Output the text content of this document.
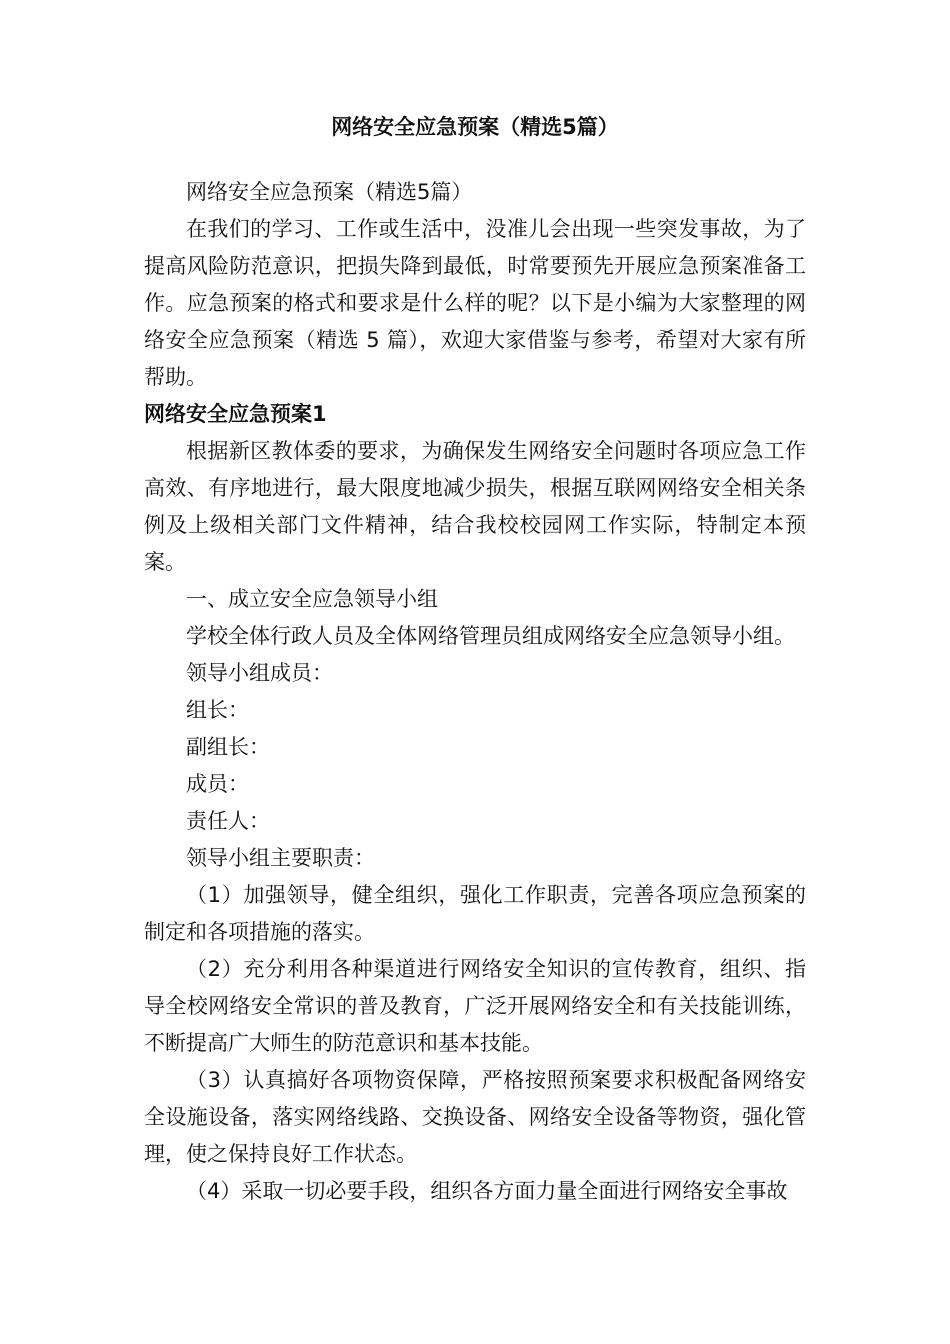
网络安全应急预案（精选5篇）

网络安全应急预案（精选5篇）

在我们的学习、工作或生活中，没准儿会出现一些突发事故，为了提高风险防范意识，把损失降到最低，时常要预先开展应急预案准备工作。应急预案的格式和要求是什么样的呢？以下是小编为大家整理的网络安全应急预案（精选 5 篇），欢迎大家借鉴与参考，希望对大家有所帮助。

网络安全应急预案1

根据新区教体委的要求，为确保发生网络安全问题时各项应急工作高效、有序地进行，最大限度地减少损失，根据互联网网络安全相关条例及上级相关部门文件精神，结合我校校园网工作实际，特制定本预案。

一、成立安全应急领导小组

学校全体行政人员及全体网络管理员组成网络安全应急领导小组。

领导小组成员：

组长：

副组长：

成员：

责任人：

领导小组主要职责：

（1）加强领导，健全组织，强化工作职责，完善各项应急预案的制定和各项措施的落实。

（2）充分利用各种渠道进行网络安全知识的宣传教育，组织、指导全校网络安全常识的普及教育，广泛开展网络安全和有关技能训练，不断提高广大师生的防范意识和基本技能。

（3）认真搞好各项物资保障，严格按照预案要求积极配备网络安全设施设备，落实网络线路、交换设备、网络安全设备等物资，强化管理，使之保持良好工作状态。

（4）采取一切必要手段，组织各方面力量全面进行网络安全事故
